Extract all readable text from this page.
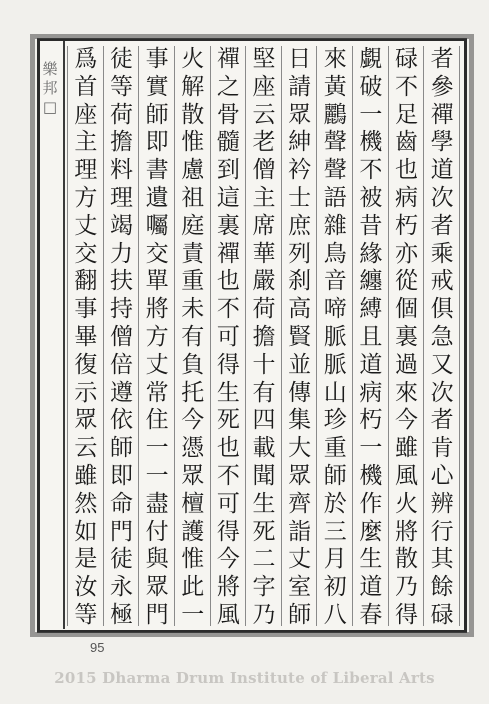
樂
邦
□
者
參
禪
學
道
次
者
乘
戒
俱
急
又
次
者
肯
心
辨
行
其
餘
碌
碌
不
足
齒
也
病
朽
亦
從
個
裏
過
來
今
雖
風
火
將
散
乃
得
覷
破
一
機
不
被
昔
緣
纏
縛
且
道
病
朽
一
機
作
麼
生
道
春
來
黃
鸝
聲
聲
語
雜
鳥
音
啼
脈
脈
山
珍
重
師
於
三
月
初
八
日
請
眾
紳
衿
士
庶
列
刹
高
賢
並
傳
集
大
眾
齊
詣
丈
室
師
堅
座
云
老
僧
主
席
華
嚴
荷
擔
十
有
四
載
聞
生
死
二
字
乃
禪
之
骨
髓
到
這
裏
禪
也
不
可
得
生
死
也
不
可
得
今
將
風
火
解
散
惟
慮
祖
庭
責
重
未
有
負
托
今
憑
眾
檀
護
惟
此
一
事
實
師
即
書
遺
囑
交
單
將
方
丈
常
住
一
一
盡
付
與
眾
門
徒
等
荷
擔
料
理
竭
力
扶
持
僧
倍
遵
依
師
即
命
門
徒
永
極
爲
首
座
主
理
方
丈
交
翻
事
畢
復
示
眾
云
雖
然
如
是
汝
等
95
2015 Dharma Drum Institute of Liberal Arts
